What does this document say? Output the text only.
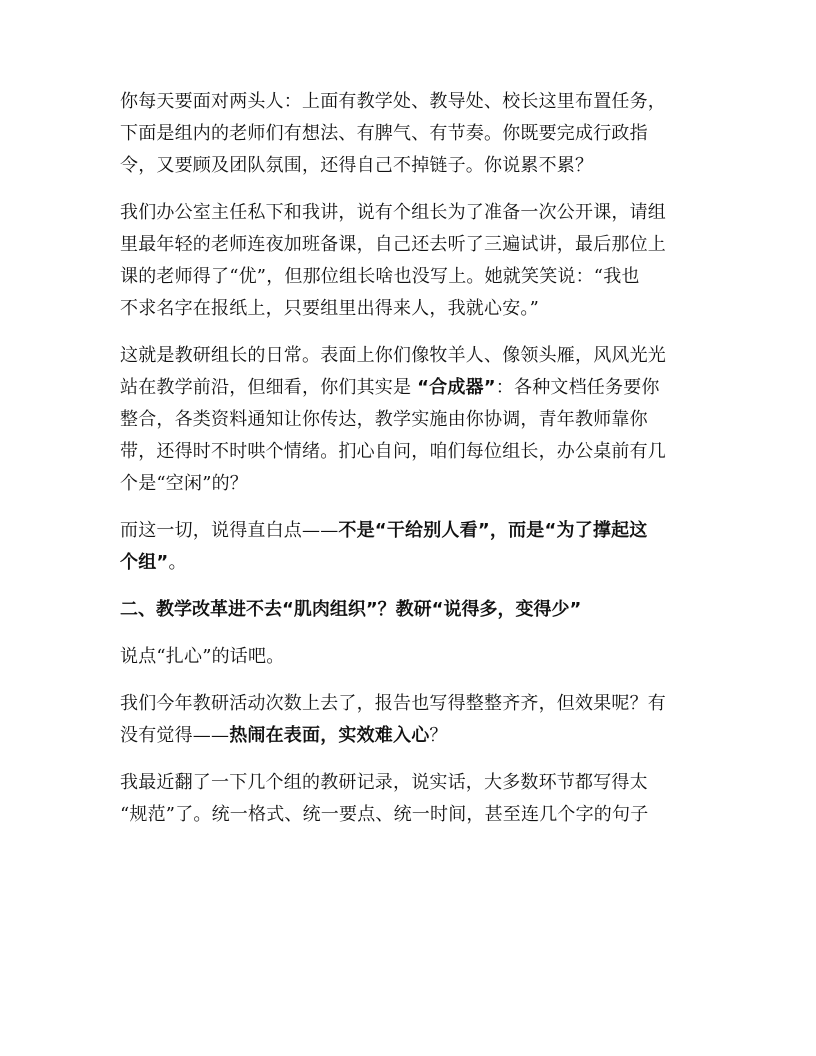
你每天要面对两头人：上面有教学处、教导处、校长这里布置任务，
下面是组内的老师们有想法、有脾气、有节奏。你既要完成行政指
令，又要顾及团队氛围，还得自己不掉链子。你说累不累？

我们办公室主任私下和我讲，说有个组长为了准备一次公开课，请组
里最年轻的老师连夜加班备课，自己还去听了三遍试讲，最后那位上
课的老师得了“优”，但那位组长啥也没写上。她就笑笑说：“我也
不求名字在报纸上，只要组里出得来人，我就心安。”

这就是教研组长的日常。表面上你们像牧羊人、像领头雁，风风光光
站在教学前沿，但细看，你们其实是 “合成器”：各种文档任务要你
整合，各类资料通知让你传达，教学实施由你协调，青年教师靠你
带，还得时不时哄个情绪。扪心自问，咱们每位组长，办公桌前有几
个是“空闲”的？

而这一切，说得直白点——不是“干给别人看”，而是“为了撑起这
个组”。

二、教学改革进不去“肌肉组织”？教研“说得多，变得少”

说点“扎心”的话吧。

我们今年教研活动次数上去了，报告也写得整整齐齐，但效果呢？有
没有觉得——热闹在表面，实效难入心？

我最近翻了一下几个组的教研记录，说实话，大多数环节都写得太
“规范”了。统一格式、统一要点、统一时间，甚至连几个字的句子
